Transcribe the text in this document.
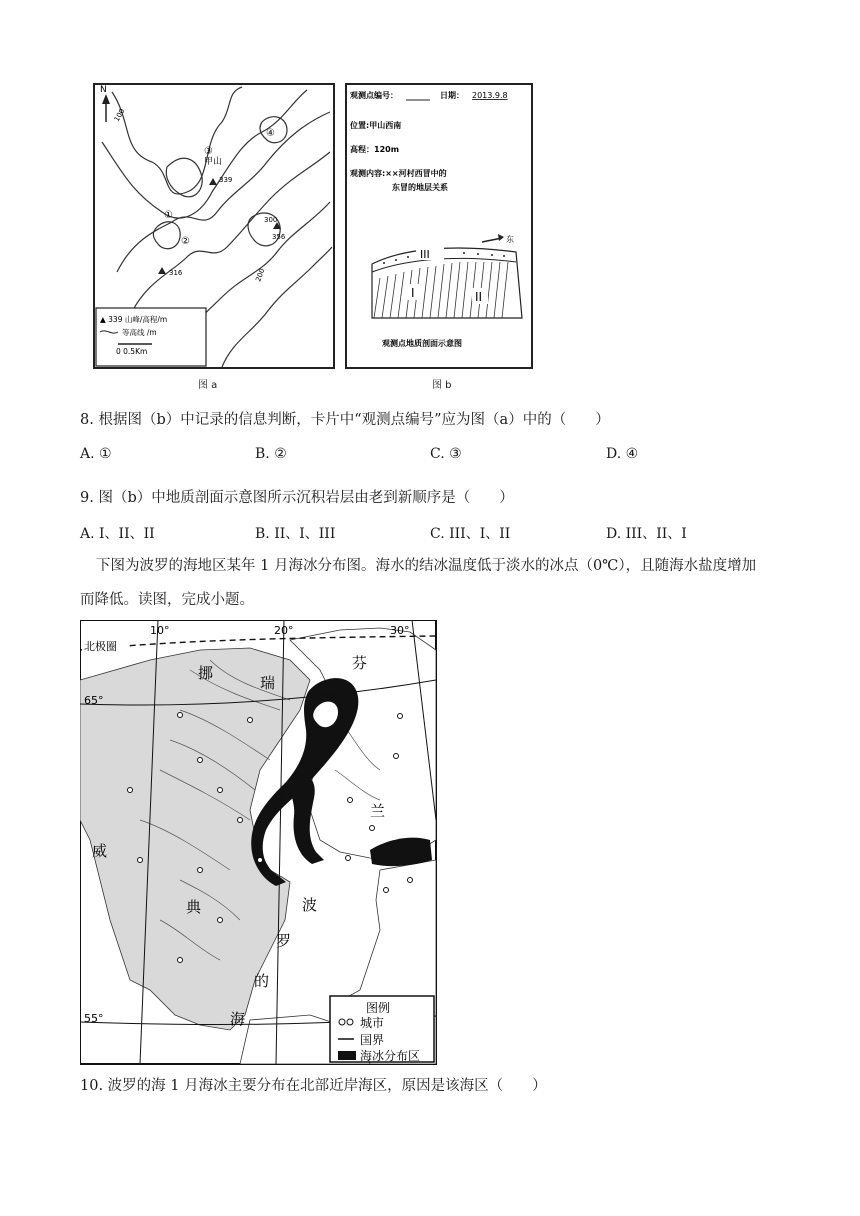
N
甲山
339
356
316
100
300
200
①
②
③
④
▲ 339 山峰/高程/m
等高线 /m
0 0.5Km
图 a
观测点编号：	日期： 2013.9.8
位置:甲山西南
高程：120m
观测内容:××河村西冒中的
东冒的地层关系
东
III
I	II
观测点地质剖面示意图
图 b
8. 根据图（b）中记录的信息判断，卡片中“观测点编号”应为图（a）中的（　　）
A. ①	B. ②	C. ③	D. ④
9. 图（b）中地质剖面示意图所示沉积岩层由老到新顺序是（　　）
A. I、II、II	B. II、I、III	C. III、I、II	D. III、II、I
下图为波罗的海地区某年 1 月海冰分布图。海水的结冰温度低于淡水的冰点（0℃），且随海水盐度增加
而降低。读图，完成小题。
10°	20°	30°
65°
55°
北极圈
芬
挪
瑞
兰
威
典	波
罗
的
海
图例
城市
国界
海冰分布区
10. 波罗的海 1 月海冰主要分布在北部近岸海区，原因是该海区（　　）
